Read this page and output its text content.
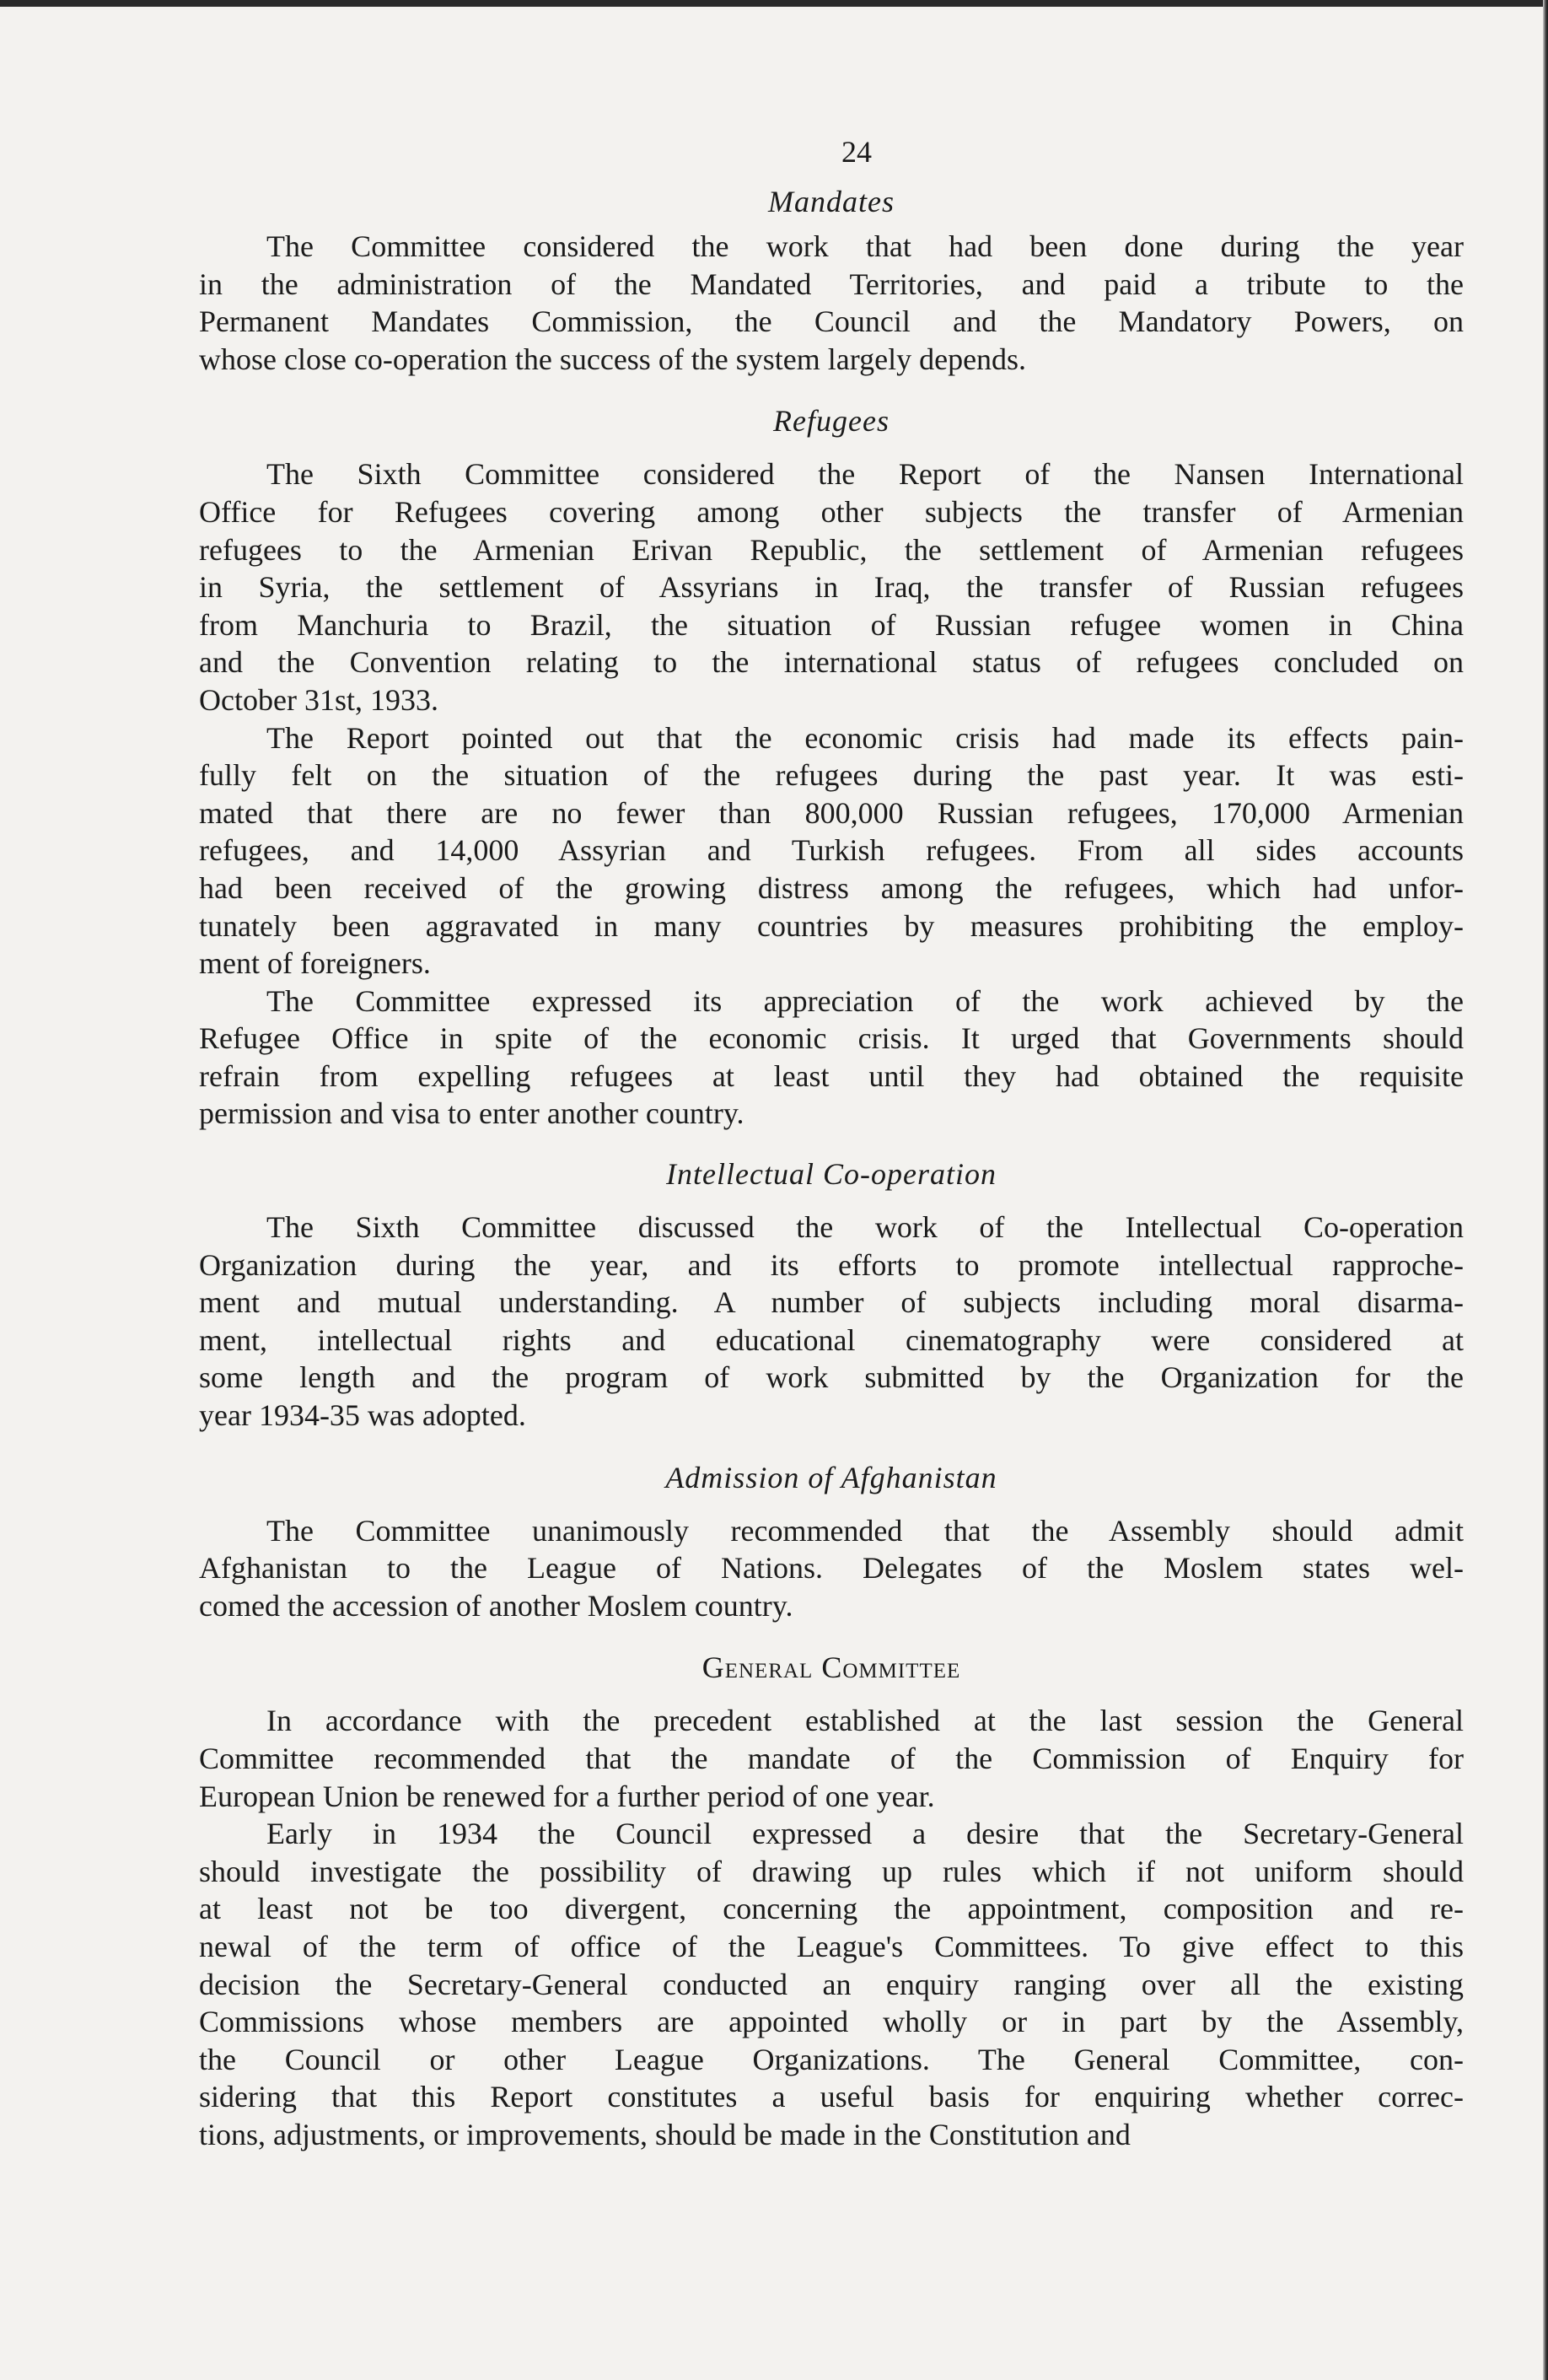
24
Mandates
The Committee considered the work that had been done during the year
in the administration of the Mandated Territories, and paid a tribute to the
Permanent Mandates Commission, the Council and the Mandatory Powers, on
whose close co-operation the success of the system largely depends.
Refugees
The Sixth Committee considered the Report of the Nansen International
Office for Refugees covering among other subjects the transfer of Armenian
refugees to the Armenian Erivan Republic, the settlement of Armenian refugees
in Syria, the settlement of Assyrians in Iraq, the transfer of Russian refugees
from Manchuria to Brazil, the situation of Russian refugee women in China
and the Convention relating to the international status of refugees concluded on
October 31st, 1933.
The Report pointed out that the economic crisis had made its effects pain-
fully felt on the situation of the refugees during the past year. It was esti-
mated that there are no fewer than 800,000 Russian refugees, 170,000 Armenian
refugees, and 14,000 Assyrian and Turkish refugees. From all sides accounts
had been received of the growing distress among the refugees, which had unfor-
tunately been aggravated in many countries by measures prohibiting the employ-
ment of foreigners.
The Committee expressed its appreciation of the work achieved by the
Refugee Office in spite of the economic crisis. It urged that Governments should
refrain from expelling refugees at least until they had obtained the requisite
permission and visa to enter another country.
Intellectual Co-operation
The Sixth Committee discussed the work of the Intellectual Co-operation
Organization during the year, and its efforts to promote intellectual rapproche-
ment and mutual understanding. A number of subjects including moral disarma-
ment, intellectual rights and educational cinematography were considered at
some length and the program of work submitted by the Organization for the
year 1934-35 was adopted.
Admission of Afghanistan
The Committee unanimously recommended that the Assembly should admit
Afghanistan to the League of Nations. Delegates of the Moslem states wel-
comed the accession of another Moslem country.
General Committee
In accordance with the precedent established at the last session the General
Committee recommended that the mandate of the Commission of Enquiry for
European Union be renewed for a further period of one year.
Early in 1934 the Council expressed a desire that the Secretary-General
should investigate the possibility of drawing up rules which if not uniform should
at least not be too divergent, concerning the appointment, composition and re-
newal of the term of office of the League's Committees. To give effect to this
decision the Secretary-General conducted an enquiry ranging over all the existing
Commissions whose members are appointed wholly or in part by the Assembly,
the Council or other League Organizations. The General Committee, con-
sidering that this Report constitutes a useful basis for enquiring whether correc-
tions, adjustments, or improvements, should be made in the Constitution and
